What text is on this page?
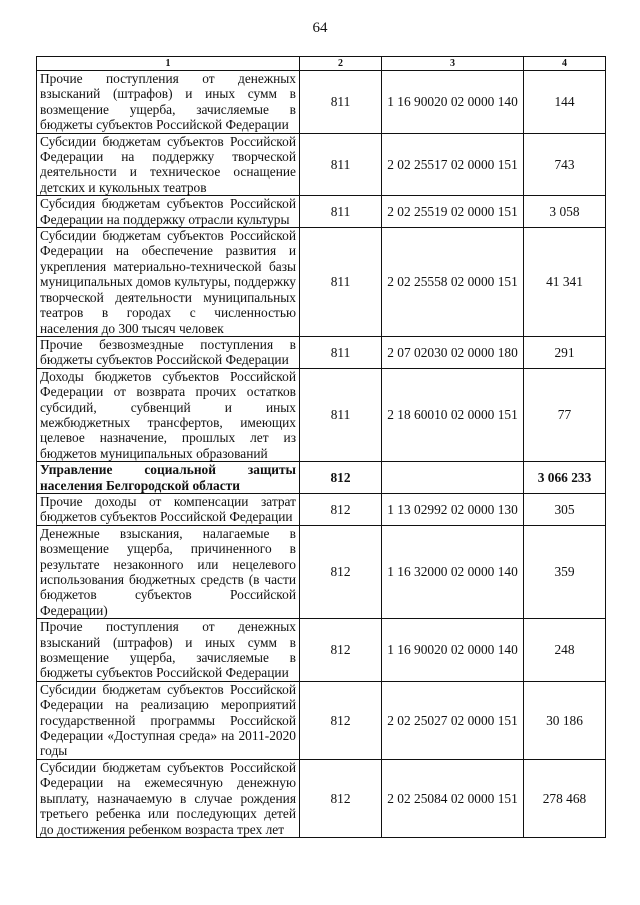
64
1	2	3	4
Прочие поступления от денежных взысканий (штрафов) и иных сумм в возмещение ущерба, зачисляемые в бюджеты субъектов Российской Федерации	811	1 16 90020 02 0000 140	144
Субсидии бюджетам субъектов Российской Федерации на поддержку творческой деятельности и техническое оснащение детских и кукольных театров	811	2 02 25517 02 0000 151	743
Субсидия бюджетам субъектов Российской Федерации на поддержку отрасли культуры	811	2 02 25519 02 0000 151	3 058
Субсидии бюджетам субъектов Российской Федерации на обеспечение развития и укрепления материально-технической базы муниципальных домов культуры, поддержку творческой деятельности муниципальных театров в городах с численностью населения до 300 тысяч человек	811	2 02 25558 02 0000 151	41 341
Прочие безвозмездные поступления в бюджеты субъектов Российской Федерации	811	2 07 02030 02 0000 180	291
Доходы бюджетов субъектов Российской Федерации от возврата прочих остатков субсидий, субвенций и иных межбюджетных трансфертов, имеющих целевое назначение, прошлых лет из бюджетов муниципальных образований	811	2 18 60010 02 0000 151	77
Управление социальной защиты населения Белгородской области	812		3 066 233
Прочие доходы от компенсации затрат бюджетов субъектов Российской Федерации	812	1 13 02992 02 0000 130	305
Денежные взыскания, налагаемые в возмещение ущерба, причиненного в результате незаконного или нецелевого использования бюджетных средств (в части бюджетов субъектов Российской Федерации)	812	1 16 32000 02 0000 140	359
Прочие поступления от денежных взысканий (штрафов) и иных сумм в возмещение ущерба, зачисляемые в бюджеты субъектов Российской Федерации	812	1 16 90020 02 0000 140	248
Субсидии бюджетам субъектов Российской Федерации на реализацию мероприятий государственной программы Российской Федерации «Доступная среда» на 2011-2020 годы	812	2 02 25027 02 0000 151	30 186
Субсидии бюджетам субъектов Российской Федерации на ежемесячную денежную выплату, назначаемую в случае рождения третьего ребенка или последующих детей до достижения ребенком возраста трех лет	812	2 02 25084 02 0000 151	278 468
